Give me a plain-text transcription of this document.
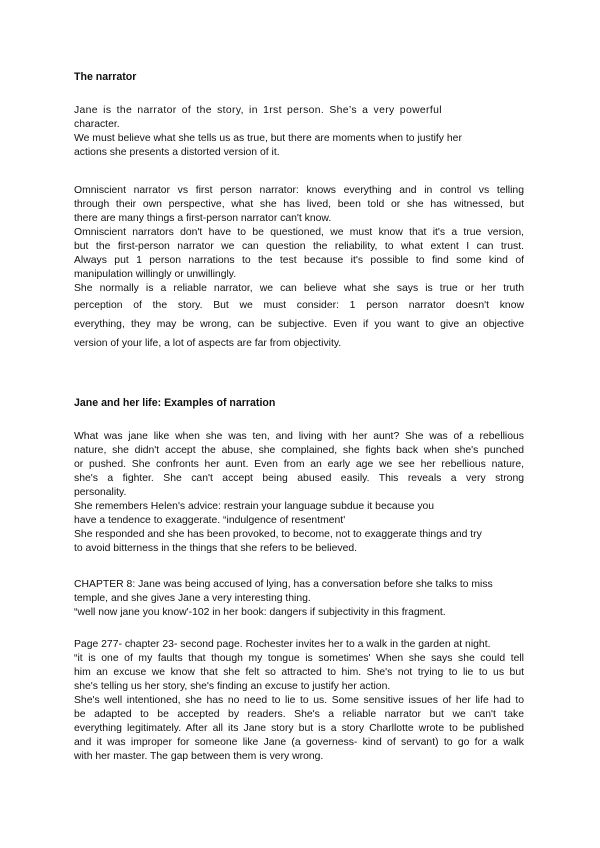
The narrator

Jane is the narrator of the story, in 1rst person. She’s a very powerful
character.
We must believe what she tells us as true, but there are moments when to justify her
actions she presents a distorted version of it.

Omniscient narrator vs first person narrator: knows everything and in control vs telling
through their own perspective, what she has lived, been told or she has witnessed, but
there are many things a first-person narrator can't know.
Omniscient narrators don't have to be questioned, we must know that it's a true version,
but the first-person narrator we can question the reliability, to what extent I can trust.
Always put 1 person narrations to the test because it's possible to find some kind of
manipulation willingly or unwillingly.
She normally is a reliable narrator, we can believe what she says is true or her truth
perception of the story. But we must consider: 1 person narrator doesn't know
everything, they may be wrong, can be subjective. Even if you want to give an objective
version of your life, a lot of aspects are far from objectivity.

Jane and her life: Examples of narration

What was jane like when she was ten, and living with her aunt? She was of a rebellious
nature, she didn't accept the abuse, she complained, she fights back when she's punched
or pushed. She confronts her aunt. Even from an early age we see her rebellious nature,
she's a fighter. She can't accept being abused easily. This reveals a very strong
personality.
She remembers Helen's advice: restrain your language subdue it because you
have a tendence to exaggerate. “indulgence of resentment'
She responded and she has been provoked, to become, not to exaggerate things and try
to avoid bitterness in the things that she refers to be believed.

CHAPTER 8: Jane was being accused of lying, has a conversation before she talks to miss
temple, and she gives Jane a very interesting thing.
“well now jane you know'-102 in her book: dangers if subjectivity in this fragment.

Page 277- chapter 23- second page. Rochester invites her to a walk in the garden at night.
“it is one of my faults that though my tongue is sometimes' When she says she could tell
him an excuse we know that she felt so attracted to him. She's not trying to lie to us but
she's telling us her story, she's finding an excuse to justify her action.
She's well intentioned, she has no need to lie to us. Some sensitive issues of her life had to
be adapted to be accepted by readers. She's a reliable narrator but we can't take
everything legitimately. After all its Jane story but is a story Charllotte wrote to be published
and it was improper for someone like Jane (a governess- kind of servant) to go for a walk
with her master. The gap between them is very wrong.
